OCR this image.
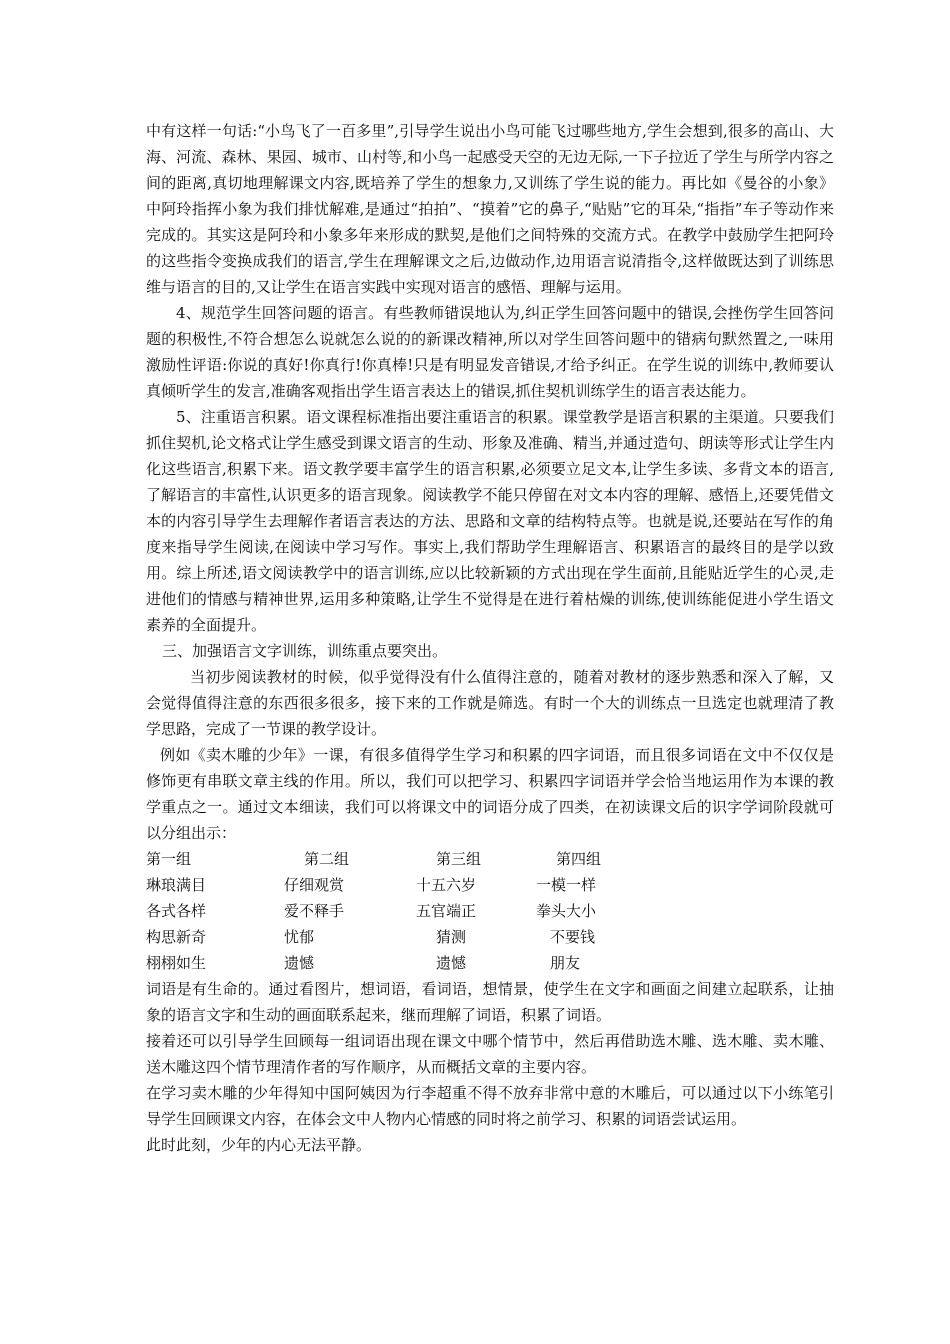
中有这样一句话:“小鸟飞了一百多里”,引导学生说出小鸟可能飞过哪些地方,学生会想到,很多的高山、大海、河流、森林、果园、城市、山村等,和小鸟一起感受天空的无边无际,一下子拉近了学生与所学内容之间的距离,真切地理解课文内容,既培养了学生的想象力,又训练了学生说的能力。再比如《曼谷的小象》中阿玲指挥小象为我们排忧解难,是通过“拍拍”、“摸着”它的鼻子,“贴贴”它的耳朵,“指指”车子等动作来完成的。其实这是阿玲和小象多年来形成的默契,是他们之间特殊的交流方式。在教学中鼓励学生把阿玲的这些指令变换成我们的语言,学生在理解课文之后,边做动作,边用语言说清指令,这样做既达到了训练思维与语言的目的,又让学生在语言实践中实现对语言的感悟、理解与运用。

4、规范学生回答问题的语言。有些教师错误地认为,纠正学生回答问题中的错误,会挫伤学生回答问题的积极性,不符合想怎么说就怎么说的的新课改精神,所以对学生回答问题中的错病句默然置之,一味用激励性评语:你说的真好!你真行!你真棒!只是有明显发音错误,才给予纠正。在学生说的训练中,教师要认真倾听学生的发言,准确客观指出学生语言表达上的错误,抓住契机训练学生的语言表达能力。

5、注重语言积累。语文课程标准指出要注重语言的积累。课堂教学是语言积累的主渠道。只要我们抓住契机,论文格式让学生感受到课文语言的生动、形象及准确、精当,并通过造句、朗读等形式让学生内化这些语言,积累下来。语文教学要丰富学生的语言积累,必须要立足文本,让学生多读、多背文本的语言,了解语言的丰富性,认识更多的语言现象。阅读教学不能只停留在对文本内容的理解、感悟上,还要凭借文本的内容引导学生去理解作者语言表达的方法、思路和文章的结构特点等。也就是说,还要站在写作的角度来指导学生阅读,在阅读中学习写作。事实上,我们帮助学生理解语言、积累语言的最终目的是学以致用。综上所述,语文阅读教学中的语言训练,应以比较新颖的方式出现在学生面前,且能贴近学生的心灵,走进他们的情感与精神世界,运用多种策略,让学生不觉得是在进行着枯燥的训练,使训练能促进小学生语文素养的全面提升。

三、加强语言文字训练，训练重点要突出。

当初步阅读教材的时候，似乎觉得没有什么值得注意的，随着对教材的逐步熟悉和深入了解，又会觉得值得注意的东西很多很多，接下来的工作就是筛选。有时一个大的训练点一旦选定也就理清了教学思路，完成了一节课的教学设计。

例如《卖木雕的少年》一课，有很多值得学生学习和积累的四字词语，而且很多词语在文中不仅仅是修饰更有串联文章主线的作用。所以，我们可以把学习、积累四字词语并学会恰当地运用作为本课的教学重点之一。通过文本细读，我们可以将课文中的词语分成了四类，在初读课文后的识字学词阶段就可以分组出示：

第一组	第二组	第三组	第四组
琳琅满目	仔细观赏	十五六岁	一模一样
各式各样	爱不释手	五官端正	拳头大小
构思新奇	忧郁	猜测	不要钱
栩栩如生	遗憾	遗憾	朋友

词语是有生命的。通过看图片，想词语，看词语，想情景，使学生在文字和画面之间建立起联系，让抽象的语言文字和生动的画面联系起来，继而理解了词语，积累了词语。

接着还可以引导学生回顾每一组词语出现在课文中哪个情节中，然后再借助选木雕、选木雕、卖木雕、送木雕这四个情节理清作者的写作顺序，从而概括文章的主要内容。

在学习卖木雕的少年得知中国阿姨因为行李超重不得不放弃非常中意的木雕后，可以通过以下小练笔引导学生回顾课文内容，在体会文中人物内心情感的同时将之前学习、积累的词语尝试运用。

此时此刻，少年的内心无法平静。
